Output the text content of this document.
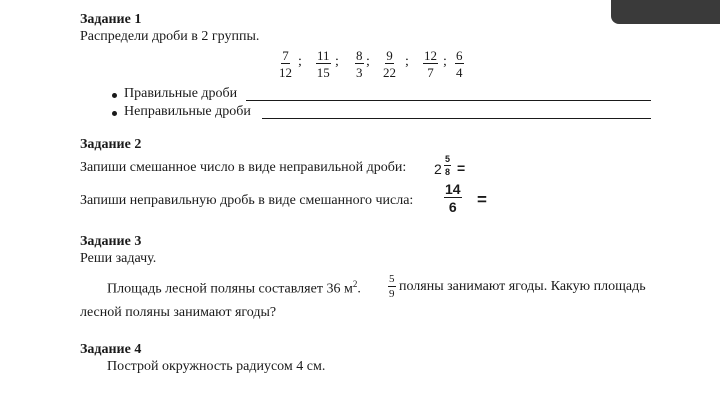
Задание 1
Распредели дроби в 2 группы.
$\frac{7}{12}$ ; $\frac{11}{15}$ ; $\frac{8}{3}$ ; $\frac{9}{22}$ ; $\frac{12}{7}$ ; $\frac{6}{4}$
Правильные дроби
Неправильные дроби
Задание 2
Запиши смешанное число в виде неправильной дроби: $2 \frac{5}{8}$ =
Запиши неправильную дробь в виде смешанного числа: $\frac{14}{6}$ =
Задание 3
Реши задачу.
Площадь лесной поляны составляет 36 $м^2$. $\frac{5}{9}$ поляны занимают ягоды. Какую площадь
лесной поляны занимают ягоды?
Задание 4
Построй окружность радиусом 4 см.
